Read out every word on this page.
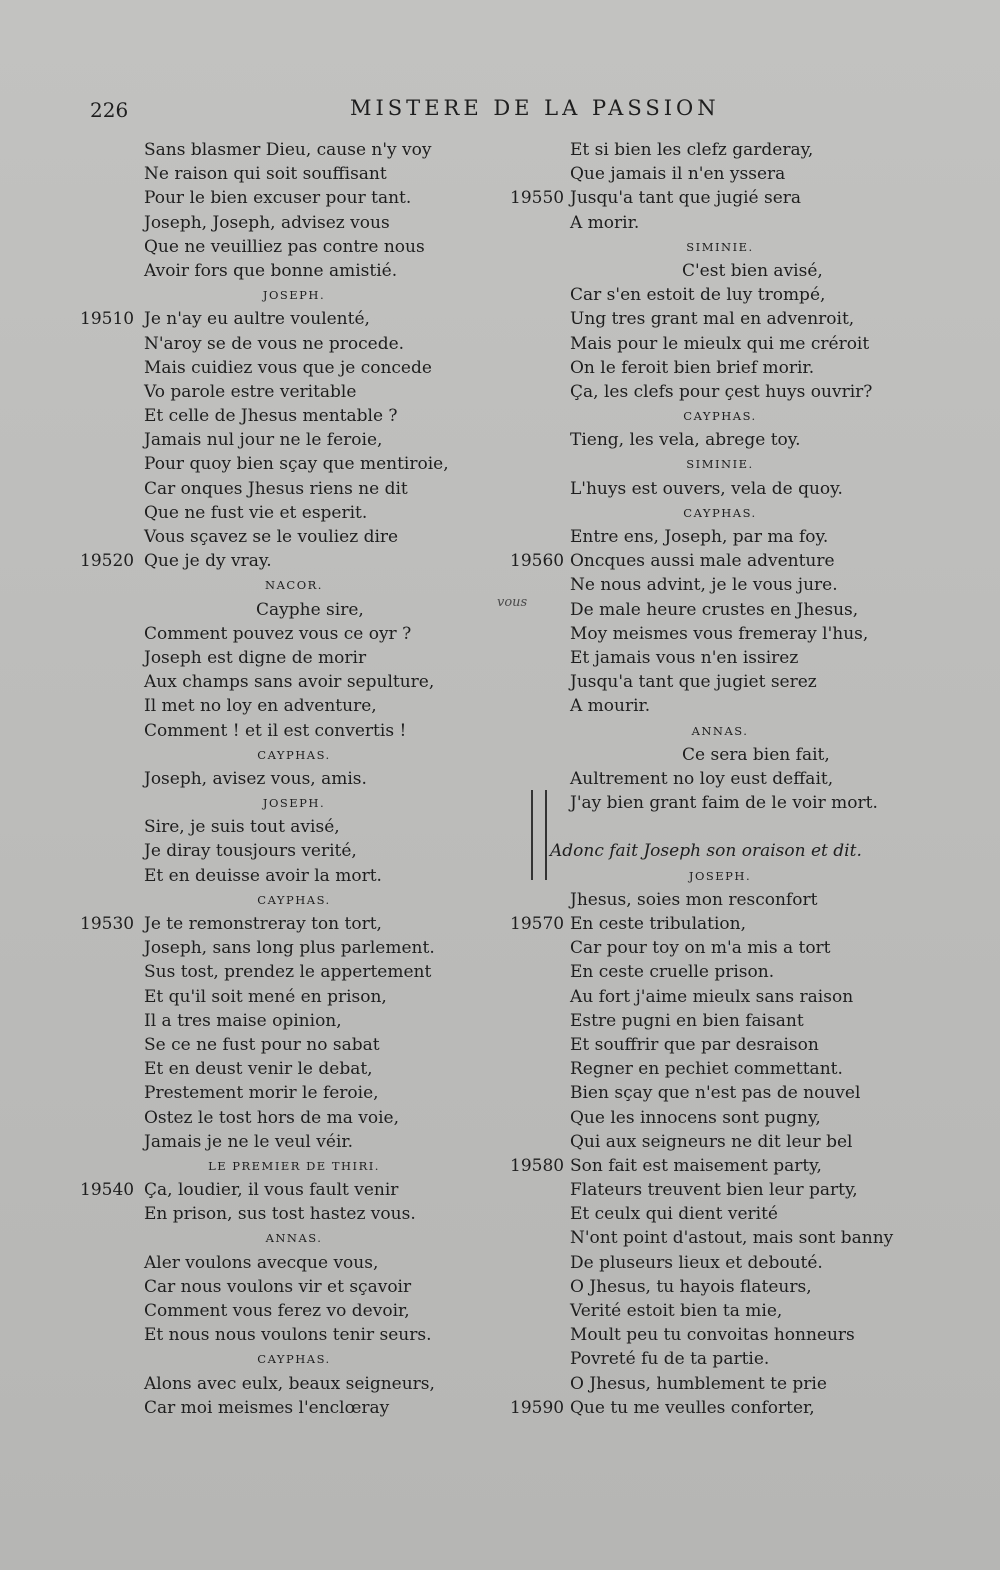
226	MISTERE DE LA PASSION
Sans blasmer Dieu, cause n'y voy
Ne raison qui soit souffisant
Pour le bien excuser pour tant.
Joseph, Joseph, advisez vous
Que ne veuilliez pas contre nous
Avoir fors que bonne amistié.
JOSEPH.
19510 Je n'ay eu aultre voulenté,
N'aroy se de vous ne procede.
Mais cuidiez vous que je concede
Vo parole estre veritable
Et celle de Jhesus mentable ?
Jamais nul jour ne le feroie,
Pour quoy bien sçay que mentiroie,
Car onques Jhesus riens ne dit
Que ne fust vie et esperit.
Vous sçavez se le vouliez dire
19520 Que je dy vray.
NACOR.
Cayphe sire,
Comment pouvez vous ce oyr ?
Joseph est digne de morir
Aux champs sans avoir sepulture,
Il met no loy en adventure,
Comment ! et il est convertis !
CAYPHAS.
Joseph, avisez vous, amis.
JOSEPH.
Sire, je suis tout avisé,
Je diray tousjours verité,
Et en deuisse avoir la mort.
CAYPHAS.
19530 Je te remonstreray ton tort,
Joseph, sans long plus parlement.
Sus tost, prendez le appertement
Et qu'il soit mené en prison,
Il a tres maise opinion,
Se ce ne fust pour no sabat
Et en deust venir le debat,
Prestement morir le feroie,
Ostez le tost hors de ma voie,
Jamais je ne le veul véir.
LE PREMIER DE THIRI.
19540 Ça, loudier, il vous fault venir
En prison, sus tost hastez vous.
ANNAS.
Aler voulons avecque vous,
Car nous voulons vir et sçavoir
Comment vous ferez vo devoir,
Et nous nous voulons tenir seurs.
CAYPHAS.
Alons avec eulx, beaux seigneurs,
Car moi meismes l'enclœray
Et si bien les clefz garderay,
Que jamais il n'en yssera
19550 Jusqu'a tant que jugié sera
A morir.
SIMINIE.
C'est bien avisé,
Car s'en estoit de luy trompé,
Ung tres grant mal en advenroit,
Mais pour le mieulx qui me créroit
On le feroit bien brief morir.
Ça, les clefs pour çest huys ouvrir?
CAYPHAS.
Tieng, les vela, abrege toy.
SIMINIE.
L'huys est ouvers, vela de quoy.
CAYPHAS.
Entre ens, Joseph, par ma foy.
19560 Oncques aussi male adventure
Ne nous advint, je le vous jure.
De male heure crustes en Jhesus,
Moy meismes vous fremeray l'hus,
Et jamais vous n'en issirez
Jusqu'a tant que jugiet serez
A mourir.
ANNAS.
Ce sera bien fait,
Aultrement no loy eust deffait,
J'ay bien grant faim de le voir mort.
Adonc fait Joseph son oraison et dit.
JOSEPH.
Jhesus, soies mon resconfort
19570 En ceste tribulation,
Car pour toy on m'a mis a tort
En ceste cruelle prison.
Au fort j'aime mieulx sans raison
Estre pugni en bien faisant
Et souffrir que par desraison
Regner en pechiet commettant.
Bien sçay que n'est pas de nouvel
Que les innocens sont pugny,
Qui aux seigneurs ne dit leur bel
19580 Son fait est maisement party,
Flateurs treuvent bien leur party,
Et ceulx qui dient verité
N'ont point d'astout, mais sont banny
De pluseurs lieux et debouté.
O Jhesus, tu hayois flateurs,
Verité estoit bien ta mie,
Moult peu tu convoitas honneurs
Povreté fu de ta partie.
O Jhesus, humblement te prie
19590 Que tu me veulles conforter,
vous
